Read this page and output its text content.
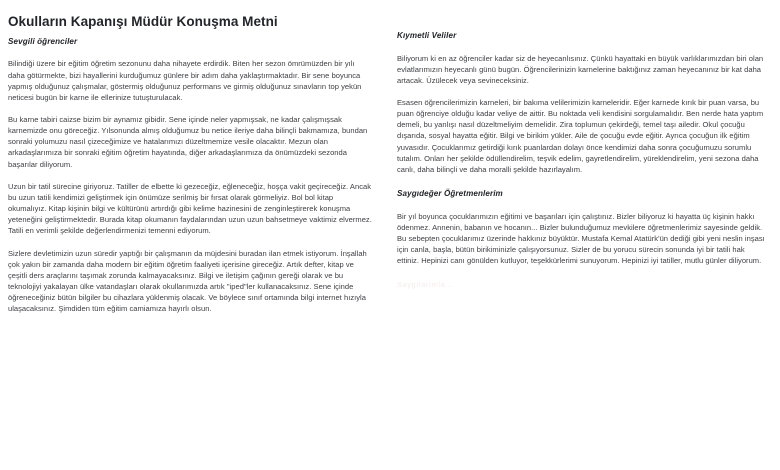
Okulların Kapanışı Müdür Konuşma Metni

Sevgili öğrenciler

Bilindiği üzere bir eğitim öğretim sezonunu daha nihayete erdirdik. Biten her sezon ömrümüzden bir yılı daha götürmekte, bizi hayallerini kurduğumuz günlere bir adım daha yaklaştırmaktadır. Bir sene boyunca yapmış olduğunuz çalışmalar, göstermiş olduğunuz performans ve girmiş olduğunuz sınavların top yekün neticesi bugün bir karne ile ellerinize tutuşturulacak.

Bu karne tabiri caizse bizim bir aynamız gibidir. Sene içinde neler yapmışsak, ne kadar çalışmışsak karnemizde onu göreceğiz. Yılsonunda almış olduğumuz bu netice ileriye daha bilinçli bakmamıza, bundan sonraki yolumuzu nasıl çizeceğimize ve hatalarımızı düzeltmemize vesile olacaktır. Mezun olan arkadaşlarımıza bir sonraki eğitim öğretim hayatında, diğer arkadaşlarımıza da önümüzdeki sezonda başarılar diliyorum.

Uzun bir tatil sürecine giriyoruz. Tatiller de elbette ki gezeceğiz, eğleneceğiz, hoşça vakit geçireceğiz. Ancak bu uzun tatili kendimizi geliştirmek için önümüze serilmiş bir fırsat olarak görmeliyiz. Bol bol kitap okumalıyız. Kitap kişinin bilgi ve kültürünü artırdığı gibi kelime hazinesini de zenginleştirerek konuşma yeteneğini geliştirmektedir. Burada kitap okumanın faydalarından uzun uzun bahsetmeye vaktimiz elvermez. Tatili en verimli şekilde değerlendirmenizi temenni ediyorum.

Sizlere devletimizin uzun süredir yaptığı bir çalışmanın da müjdesini buradan ilan etmek istiyorum. İnşallah çok yakın bir zamanda daha modern bir eğitim öğretim faaliyeti içerisine gireceğiz. Artık defter, kitap ve çeşitli ders araçlarını taşımak zorunda kalmayacaksınız. Bilgi ve iletişim çağının gereği olarak ve bu teknolojiyi yakalayan ülke vatandaşları olarak okullarımızda artık "iped"ler kullanacaksınız. Sene içinde öğreneceğiniz bütün bilgiler bu cihazlara yüklenmiş olacak. Ve böylece sınıf ortamında bilgi internet hızıyla ulaşacaksınız. Şimdiden tüm eğitim camiamıza hayırlı olsun.

Kıymetli Veliler

Biliyorum ki en az öğrenciler kadar siz de heyecanlısınız. Çünkü hayattaki en büyük varlıklarımızdan biri olan evlatlarımızın heyecanlı günü bugün. Öğrencilerinizin karnelerine baktığınız zaman heyecanınız bir kat daha artacak. Üzülecek veya sevineceksiniz.

Esasen öğrencilerimizin karneleri, bir bakıma velilerimizin karneleridir. Eğer karnede kırık bir puan varsa, bu puan öğrenciye olduğu kadar veliye de aittir. Bu noktada veli kendisini sorgulamalıdır. Ben nerde hata yaptım demeli, bu yanlışı nasıl düzeltmeliyim demelidir. Zira toplumun çekirdeği, temel taşı ailedir. Okul çocuğu dışarıda, sosyal hayatta eğitir. Bilgi ve birikim yükler. Aile de çocuğu evde eğitir. Ayrıca çocuğun ilk eğitim yuvasıdır. Çocuklarımız getirdiği kırık puanlardan dolayı önce kendimizi daha sonra çocuğumuzu sorumlu tutalım. Onları her şekilde ödüllendirelim, teşvik edelim, gayretlendirelim, yüreklendirelim, yeni sezona daha canlı, daha bilinçli ve daha moralli şekilde hazırlayalım.

Saygıdeğer Öğretmenlerim

Bir yıl boyunca çocuklarımızın eğitimi ve başarıları için çalıştınız. Bizler biliyoruz ki hayatta üç kişinin hakkı ödenmez. Annenin, babanın ve hocanın... Bizler bulunduğumuz mevkilere öğretmenlerimiz sayesinde geldik. Bu sebepten çocuklarımız üzerinde hakkınız büyüktür. Mustafa Kemal Atatürk'ün dediği gibi yeni neslin inşası için canla, başla, bütün birikiminizle çalışıyorsunuz. Sizler de bu yorucu sürecin sonunda iyi bir tatili hak ettiniz. Hepinizi canı gönülden kutluyor, teşekkürlerimi sunuyorum. Hepinizi iyi tatiller, mutlu günler diliyorum.

Saygılarımla...
